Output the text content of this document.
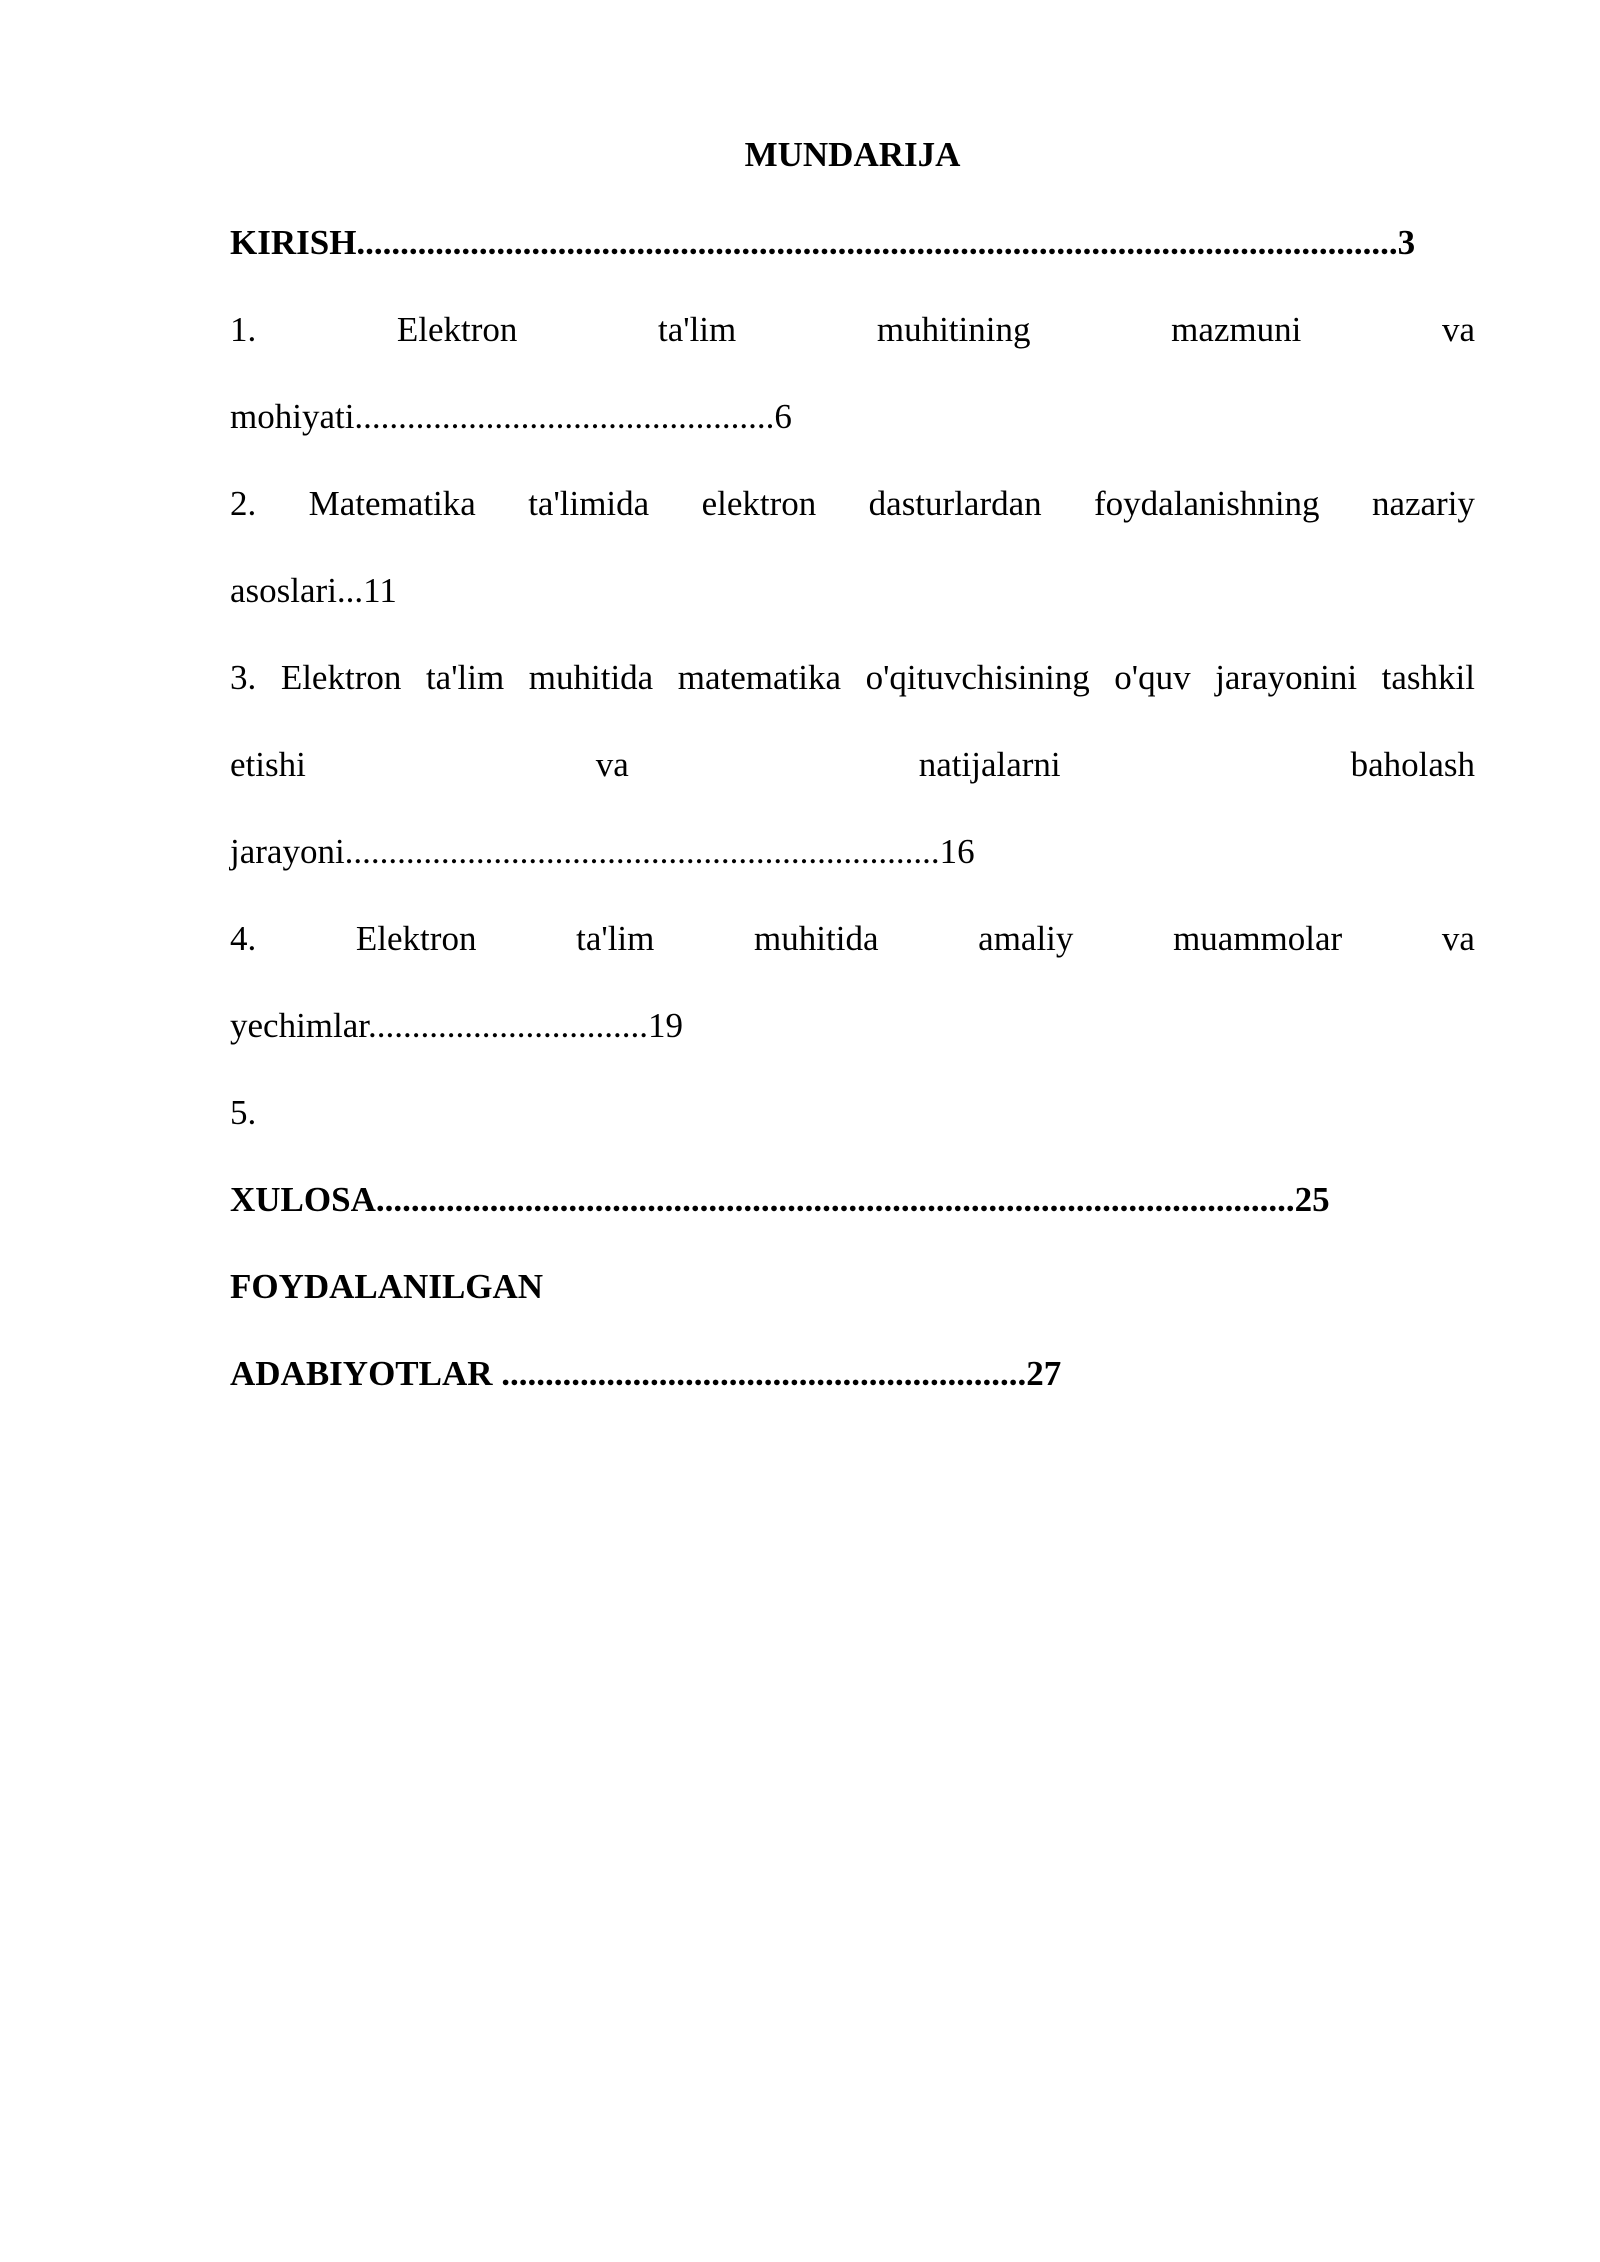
MUNDARIJA

KIRISH.......................................................................................................................3

1.	Elektron	ta'lim	muhitining	mazmuni	va

mohiyati................................................6

2. Matematika ta'limida elektron dasturlardan foydalanishning nazariy

asoslari...11

3. Elektron ta'lim muhitida matematika o'qituvchisining o'quv jarayonini tashkil

etishi	va	natijalarni	baholash

jarayoni....................................................................16

4.	Elektron	ta'lim	muhitida	amaliy	muammolar	va

yechimlar................................19

5.

XULOSA.........................................................................................................25

FOYDALANILGAN

ADABIYOTLAR ............................................................27
